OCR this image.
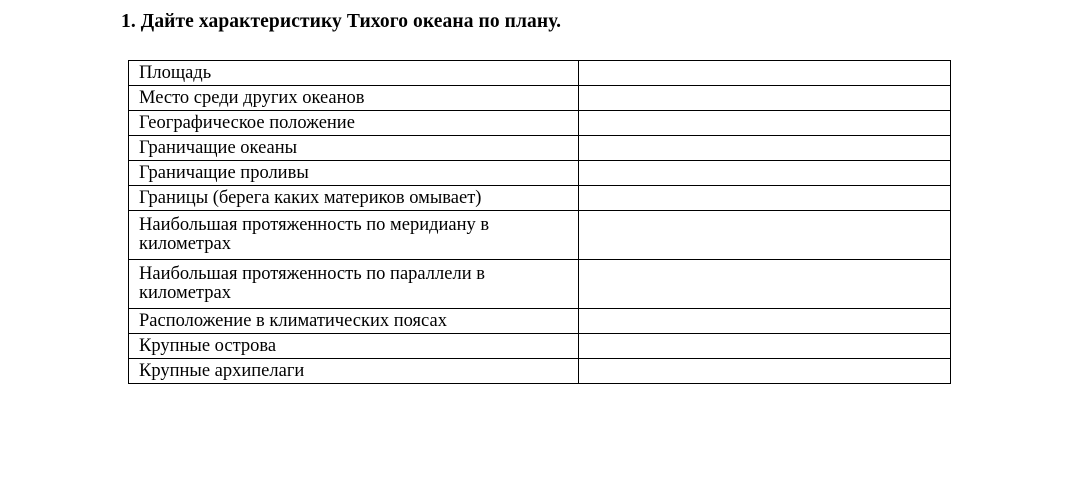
1. Дайте характеристику Тихого океана по плану.
Площадь	
Место среди других океанов	
Географическое положение	
Граничащие океаны	
Граничащие проливы	
Границы (берега каких материков омывает)	
Наибольшая протяженность по меридиану в километрах	
Наибольшая протяженность по параллели в километрах	
Расположение в климатических поясах	
Крупные острова	
Крупные архипелаги	
